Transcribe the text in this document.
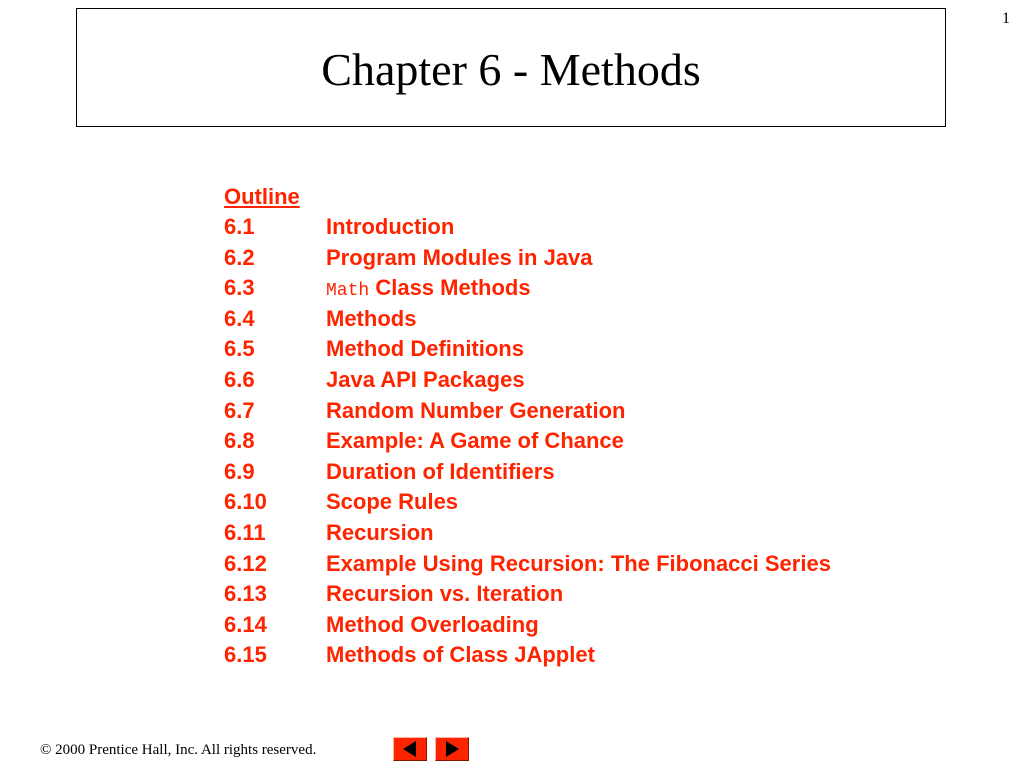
1
Chapter 6 - Methods
Outline
6.1	Introduction
6.2	Program Modules in Java
6.3	Math Class Methods
6.4	Methods
6.5	Method Definitions
6.6	Java API Packages
6.7	Random Number Generation
6.8	Example: A Game of Chance
6.9	Duration of Identifiers
6.10	Scope Rules
6.11	Recursion
6.12	Example Using Recursion: The Fibonacci Series
6.13	Recursion vs. Iteration
6.14	Method Overloading
6.15	Methods of Class JApplet
© 2000 Prentice Hall, Inc. All rights reserved.
